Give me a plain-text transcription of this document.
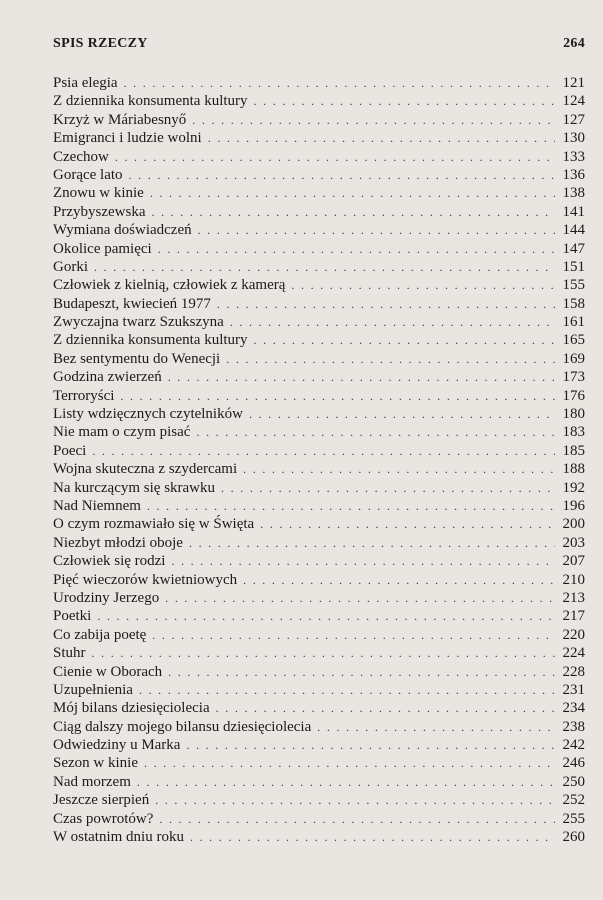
SPIS RZECZY	264
Psia elegia . . .	121
Z dziennika konsumenta kultury . . .	124
Krzyż w Máriabesnyő . . .	127
Emigranci i ludzie wolni . . .	130
Czechow . . .	133
Gorące lato . . .	136
Znowu w kinie . . .	138
Przybyszewska . . .	141
Wymiana doświadczeń . . .	144
Okolice pamięci . . .	147
Gorki . . .	151
Człowiek z kielnią, człowiek z kamerą . . .	155
Budapeszt, kwiecień 1977 . . .	158
Zwyczajna twarz Szukszyna . . .	161
Z dziennika konsumenta kultury . . .	165
Bez sentymentu do Wenecji . . .	169
Godzina zwierzeń . . .	173
Terroryści . . .	176
Listy wdzięcznych czytelników . . .	180
Nie mam o czym pisać . . .	183
Poeci . . .	185
Wojna skuteczna z szydercami . . .	188
Na kurczącym się skrawku . . .	192
Nad Niemnem . . .	196
O czym rozmawiało się w Święta . . .	200
Niezbyt młodzi oboje . . .	203
Człowiek się rodzi . . .	207
Pięć wieczorów kwietniowych . . .	210
Urodziny Jerzego . . .	213
Poetki . . .	217
Co zabija poetę . . .	220
Stuhr . . .	224
Cienie w Oborach . . .	228
Uzupełnienia . . .	231
Mój bilans dziesięciolecia . . .	234
Ciąg dalszy mojego bilansu dziesięciolecia . . .	238
Odwiedziny u Marka . . .	242
Sezon w kinie . . .	246
Nad morzem . . .	250
Jeszcze sierpień . . .	252
Czas powrotów? . . .	255
W ostatnim dniu roku . . .	260
